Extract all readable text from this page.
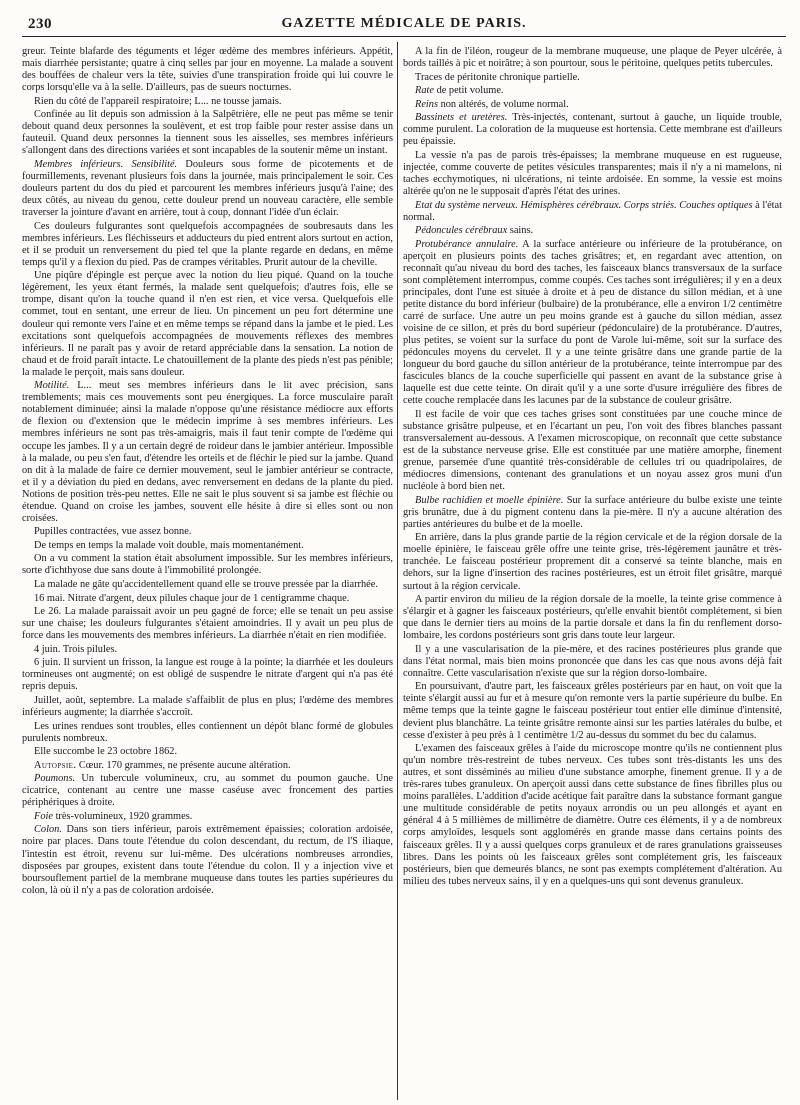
230	GAZETTE MÉDICALE DE PARIS.

greur. Teinte blafarde des téguments et léger œdème des membres inférieurs. Appétit, mais diarrhée persistante; quatre à cinq selles par jour en moyenne. La malade a souvent des bouffées de chaleur vers la tête, suivies d'une transpiration froide qui lui couvre le corps lorsqu'elle va à la selle. D'ailleurs, pas de sueurs nocturnes.

Rien du côté de l'appareil respiratoire; L... ne tousse jamais.

Confinée au lit depuis son admission à la Salpêtrière, elle ne peut pas même se tenir debout quand deux personnes la soulèvent, et est trop faible pour rester assise dans un fauteuil. Quand deux personnes la tiennent sous les aisselles, ses membres inférieurs s'allongent dans des directions variées et sont incapables de la soutenir même un instant.

Membres inférieurs. Sensibilité. Douleurs sous forme de picotements et de fourmillements, revenant plusieurs fois dans la journée, mais principalement le soir. Ces douleurs partent du dos du pied et parcourent les membres inférieurs jusqu'à l'aine; des deux côtés, au niveau du genou, cette douleur prend un nouveau caractère, elle semble traverser la jointure d'avant en arrière, tout à coup, donnant l'idée d'un éclair.

Ces douleurs fulgurantes sont quelquefois accompagnées de soubresauts dans les membres inférieurs. Les fléchisseurs et adducteurs du pied entrent alors surtout en action, et il se produit un renversement du pied tel que la plante regarde en dedans, en même temps qu'il y a flexion du pied. Pas de crampes véritables. Prurit autour de la cheville.

Une piqûre d'épingle est perçue avec la notion du lieu piqué. Quand on la touche légèrement, les yeux étant fermés, la malade sent quelquefois; d'autres fois, elle se trompe, disant qu'on la touche quand il n'en est rien, et vice versa. Quelquefois elle commet, tout en sentant, une erreur de lieu. Un pincement un peu fort détermine une douleur qui remonte vers l'aine et en même temps se répand dans la jambe et le pied. Les excitations sont quelquefois accompagnées de mouvements réflexes des membres inférieurs. Il ne paraît pas y avoir de retard appréciable dans la sensation. La notion de chaud et de froid paraît intacte. Le chatouillement de la plante des pieds n'est pas pénible; la malade le perçoit, mais sans douleur.

Motilité. L... meut ses membres inférieurs dans le lit avec précision, sans tremblements; mais ces mouvements sont peu énergiques. La force musculaire paraît notablement diminuée; ainsi la malade n'oppose qu'une résistance médiocre aux efforts de flexion ou d'extension que le médecin imprime à ses membres inférieurs. Les membres inférieurs ne sont pas très-amaigris, mais il faut tenir compte de l'œdème qui occupe les jambes. Il y a un certain degré de roideur dans le jambier antérieur. Impossible à la malade, ou peu s'en faut, d'étendre les orteils et de fléchir le pied sur la jambe. Quand on dit à la malade de faire ce dernier mouvement, seul le jambier antérieur se contracte, et il y a déviation du pied en dedans, avec renversement en dedans de la plante du pied. Notions de position très-peu nettes. Elle ne sait le plus souvent si sa jambe est fléchie ou étendue. Quand on croise les jambes, souvent elle hésite à dire si elles sont ou non croisées.

Pupilles contractées, vue assez bonne.

De temps en temps la malade voit double, mais momentanément.

On a vu comment la station était absolument impossible. Sur les membres inférieurs, sorte d'ichthyose due sans doute à l'immobilité prolongée.

La malade ne gâte qu'accidentellement quand elle se trouve pressée par la diarrhée.

16 mai. Nitrate d'argent, deux pilules chaque jour de 1 centigramme chaque.

Le 26. La malade paraissait avoir un peu gagné de force; elle se tenait un peu assise sur une chaise; les douleurs fulgurantes s'étaient amoindries. Il y avait un peu plus de force dans les mouvements des membres inférieurs. La diarrhée n'était en rien modifiée.

4 juin. Trois pilules.

6 juin. Il survient un frisson, la langue est rouge à la pointe; la diarrhée et les douleurs tormineuses ont augmenté; on est obligé de suspendre le nitrate d'argent qui n'a pas été repris depuis.

Juillet, août, septembre. La malade s'affaiblit de plus en plus; l'œdème des membres inférieurs augmente; la diarrhée s'accroît.

Les urines rendues sont troubles, elles contiennent un dépôt blanc formé de globules purulents nombreux.

Elle succombe le 23 octobre 1862.

Autopsie. Cœur. 170 grammes, ne présente aucune altération.

Poumons. Un tubercule volumineux, cru, au sommet du poumon gauche. Une cicatrice, contenant au centre une masse caséuse avec froncement des parties périphériques à droite.

Foie très-volumineux, 1920 grammes.

Colon. Dans son tiers inférieur, parois extrêmement épaissies; coloration ardoisée, noire par places. Dans toute l'étendue du colon descendant, du rectum, de l'S iliaque, l'intestin est étroit, revenu sur lui-même. Des ulcérations nombreuses arrondies, disposées par groupes, existent dans toute l'étendue du colon. Il y a injection vive et boursouflement partiel de la membrane muqueuse dans toutes les parties supérieures du colon, là où il n'y a pas de coloration ardoisée.

A la fin de l'iléon, rougeur de la membrane muqueuse, une plaque de Peyer ulcérée, à bords taillés à pic et noirâtre; à son pourtour, sous le péritoine, quelques petits tubercules.

Traces de péritonite chronique partielle.

Rate de petit volume.

Reins non altérés, de volume normal.

Bassinets et uretères. Très-injectés, contenant, surtout à gauche, un liquide trouble, comme purulent. La coloration de la muqueuse est hortensia. Cette membrane est d'ailleurs peu épaissie.

La vessie n'a pas de parois très-épaisses; la membrane muqueuse en est rugueuse, injectée, comme couverte de petites vésicules transparentes; mais il n'y a ni mamelons, ni taches ecchymotiques, ni ulcérations, ni teinte ardoisée. En somme, la vessie est moins altérée qu'on ne le supposait d'après l'état des urines.

Etat du système nerveux. Hémisphères cérébraux. Corps striés. Couches optiques à l'état normal.

Pédoncules cérébraux sains.

Protubérance annulaire. A la surface antérieure ou inférieure de la protubérance, on aperçoit en plusieurs points des taches grisâtres; et, en regardant avec attention, on reconnaît qu'au niveau du bord des taches, les faisceaux blancs transversaux de la surface sont complètement interrompus, comme coupés. Ces taches sont irrégulières; il y en a deux principales, dont l'une est située à droite et à peu de distance du sillon médian, et à une petite distance du bord inférieur (bulbaire) de la protubérance, elle a environ 1/2 centimètre carré de surface. Une autre un peu moins grande est à gauche du sillon médian, assez voisine de ce sillon, et près du bord supérieur (pédonculaire) de la protubérance. D'autres, plus petites, se voient sur la surface du pont de Varole lui-même, soit sur la surface des pédoncules moyens du cervelet. Il y a une teinte grisâtre dans une grande partie de la longueur du bord gauche du sillon antérieur de la protubérance, teinte interrompue par des fascicules blancs de la couche superficielle qui passent en avant de la substance grise à laquelle est due cette teinte. On dirait qu'il y a une sorte d'usure irrégulière des fibres de cette couche remplacée dans les lacunes par de la substance de couleur grisâtre.

Il est facile de voir que ces taches grises sont constituées par une couche mince de substance grisâtre pulpeuse, et en l'écartant un peu, l'on voit des fibres blanches passant transversalement au-dessous. A l'examen microscopique, on reconnaît que cette substance est de la substance nerveuse grise. Elle est constituée par une matière amorphe, finement grenue, parsemée d'une quantité très-considérable de cellules tri ou quadripolaires, de médiocres dimensions, contenant des granulations et un noyau assez gros muni d'un nucléole à bord bien net.

Bulbe rachidien et moelle épinière. Sur la surface antérieure du bulbe existe une teinte gris brunâtre, due à du pigment contenu dans la pie-mère. Il n'y a aucune altération des parties antérieures du bulbe et de la moelle.

En arrière, dans la plus grande partie de la région cervicale et de la région dorsale de la moelle épinière, le faisceau grêle offre une teinte grise, très-légèrement jaunâtre et très-tranchée. Le faisceau postérieur proprement dit a conservé sa teinte blanche, mais en dehors, sur la ligne d'insertion des racines postérieures, est un étroit filet grisâtre, marqué surtout à la région cervicale.

A partir environ du milieu de la région dorsale de la moelle, la teinte grise commence à s'élargir et à gagner les faisceaux postérieurs, qu'elle envahit bientôt complétement, si bien que dans le dernier tiers au moins de la partie dorsale et dans la fin du renflement dorso-lombaire, les cordons postérieurs sont gris dans toute leur largeur.

Il y a une vascularisation de la pie-mère, et des racines postérieures plus grande que dans l'état normal, mais bien moins prononcée que dans les cas que nous avons déjà fait connaître. Cette vascularisation n'existe que sur la région dorso-lombaire.

En poursuivant, d'autre part, les faisceaux grêles postérieurs par en haut, on voit que la teinte s'élargit aussi au fur et à mesure qu'on remonte vers la partie supérieure du bulbe. En même temps que la teinte gagne le faisceau postérieur tout entier elle diminue d'intensité, devient plus blanchâtre. La teinte grisâtre remonte ainsi sur les parties latérales du bulbe, et cesse d'exister à peu près à 1 centimètre 1/2 au-dessus du sommet du bec du calamus.

L'examen des faisceaux grêles à l'aide du microscope montre qu'ils ne contiennent plus qu'un nombre très-restreint de tubes nerveux. Ces tubes sont très-distants les uns des autres, et sont disséminés au milieu d'une substance amorphe, finement grenue. Il y a de très-rares tubes granuleux. On aperçoit aussi dans cette substance de fines fibrilles plus ou moins parallèles. L'addition d'acide acétique fait paraître dans la substance formant gangue une multitude considérable de petits noyaux arrondis ou un peu allongés et ayant en général 4 à 5 millièmes de millimètre de diamètre. Outre ces éléments, il y a de nombreux corps amyloïdes, lesquels sont agglomérés en grande masse dans certains points des faisceaux grêles. Il y a aussi quelques corps granuleux et de rares granulations graisseuses libres. Dans les points où les faisceaux grêles sont complétement gris, les faisceaux postérieurs, bien que demeurés blancs, ne sont pas exempts complétement d'altération. Au milieu des tubes nerveux sains, il y en a quelques-uns qui sont devenus granuleux.
